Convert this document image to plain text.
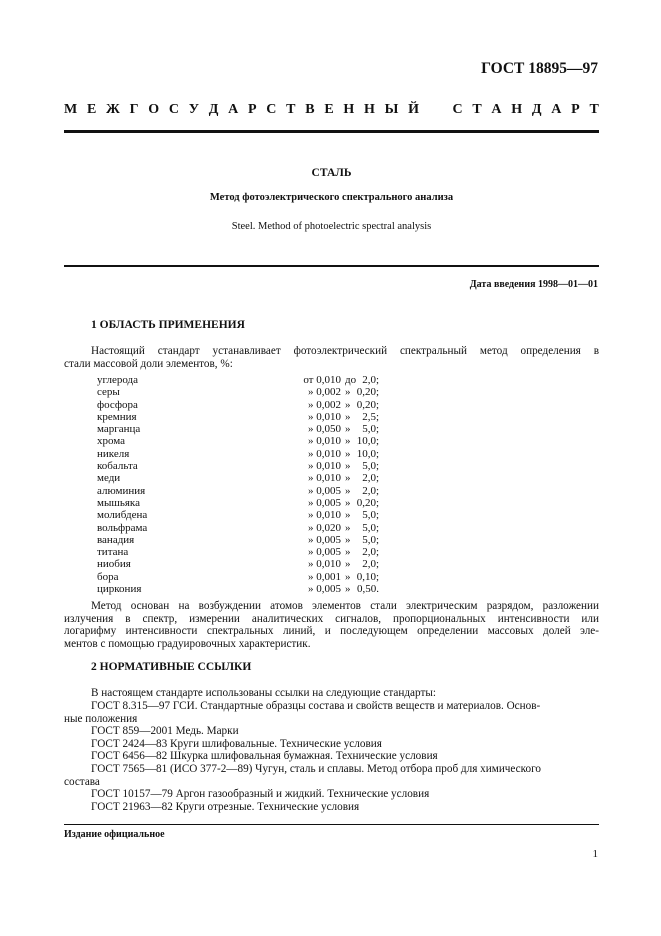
ГОСТ 18895—97
М Е Ж Г О С У Д А Р С Т В Е Н Н Ы Й С Т А Н Д А Р Т
СТАЛЬ
Метод фотоэлектрического спектрального анализа
Steel. Method of photoelectric spectral analysis
Дата введения 1998—01—01
1 ОБЛАСТЬ ПРИМЕНЕНИЯ
Настоящий стандарт устанавливает фотоэлектрический спектральный метод определения в
стали массовой доли элементов, %:
углерода	от 0,010 до 2,0;
серы	» 0,002 » 0,20;
фосфора	» 0,002 » 0,20;
кремния	» 0,010 »	2,5;
марганца	» 0,050 »	5,0;
хрома	» 0,010 » 10,0;
никеля	» 0,010 » 10,0;
кобальта	» 0,010 »	5,0;
меди	» 0,010 »	2,0;
алюминия	» 0,005 »	2,0;
мышьяка	» 0,005 » 0,20;
молибдена	» 0,010 »	5,0;
вольфрама	» 0,020 »	5,0;
ванадия	» 0,005 »	5,0;
титана	» 0,005 »	2,0;
ниобия	» 0,010 »	2,0;
бора	» 0,001 » 0,10;
циркония	» 0,005 » 0,50.
Метод основан на возбуждении атомов элементов стали электрическим разрядом, разложении
излучения в спектр, измерении аналитических сигналов, пропорциональных интенсивности или
логарифму интенсивности спектральных линий, и последующем определении массовых долей эле-
ментов с помощью градуировочных характеристик.
2 НОРМАТИВНЫЕ ССЫЛКИ
В настоящем стандарте использованы ссылки на следующие стандарты:
ГОСТ 8.315—97 ГСИ. Стандартные образцы состава и свойств веществ и материалов. Основ-
ные положения
ГОСТ 859—2001 Медь. Марки
ГОСТ 2424—83 Круги шлифовальные. Технические условия
ГОСТ 6456—82 Шкурка шлифовальная бумажная. Технические условия
ГОСТ 7565—81 (ИСО 377-2—89) Чугун, сталь и сплавы. Метод отбора проб для химического
состава
ГОСТ 10157—79 Аргон газообразный и жидкий. Технические условия
ГОСТ 21963—82 Круги отрезные. Технические условия
Издание официальное
1
